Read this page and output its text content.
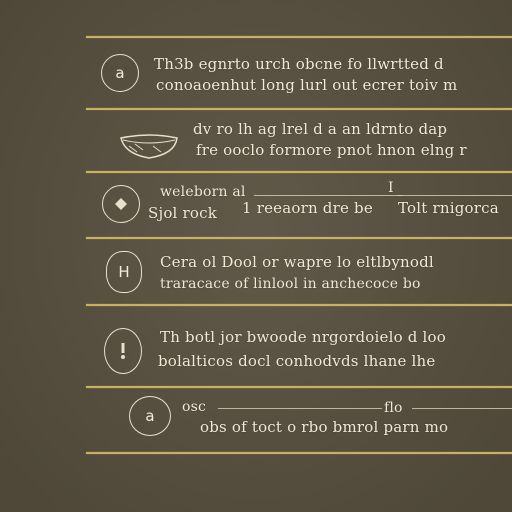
a Th3b egnrto urch obcne fo llwrtted d
conoaoenhut long lurl out ecrer toiv m
dv ro lh ag lrel d a an ldrnto dap
fre ooclo formore pnot hnon elng r
weleborn al	I
Sjol rock 1 reeaorn dre be Tolt rnigorca
H
Cera ol Dool or wapre lo eltlbynodl
traracace of linlool in anchecoce bo
Th botl jor bwoode nrgordoielo d loo
bolalticos docl conhodvds lhane lhe
a osc	flo
obs of toct o rbo bmrol parn mo
